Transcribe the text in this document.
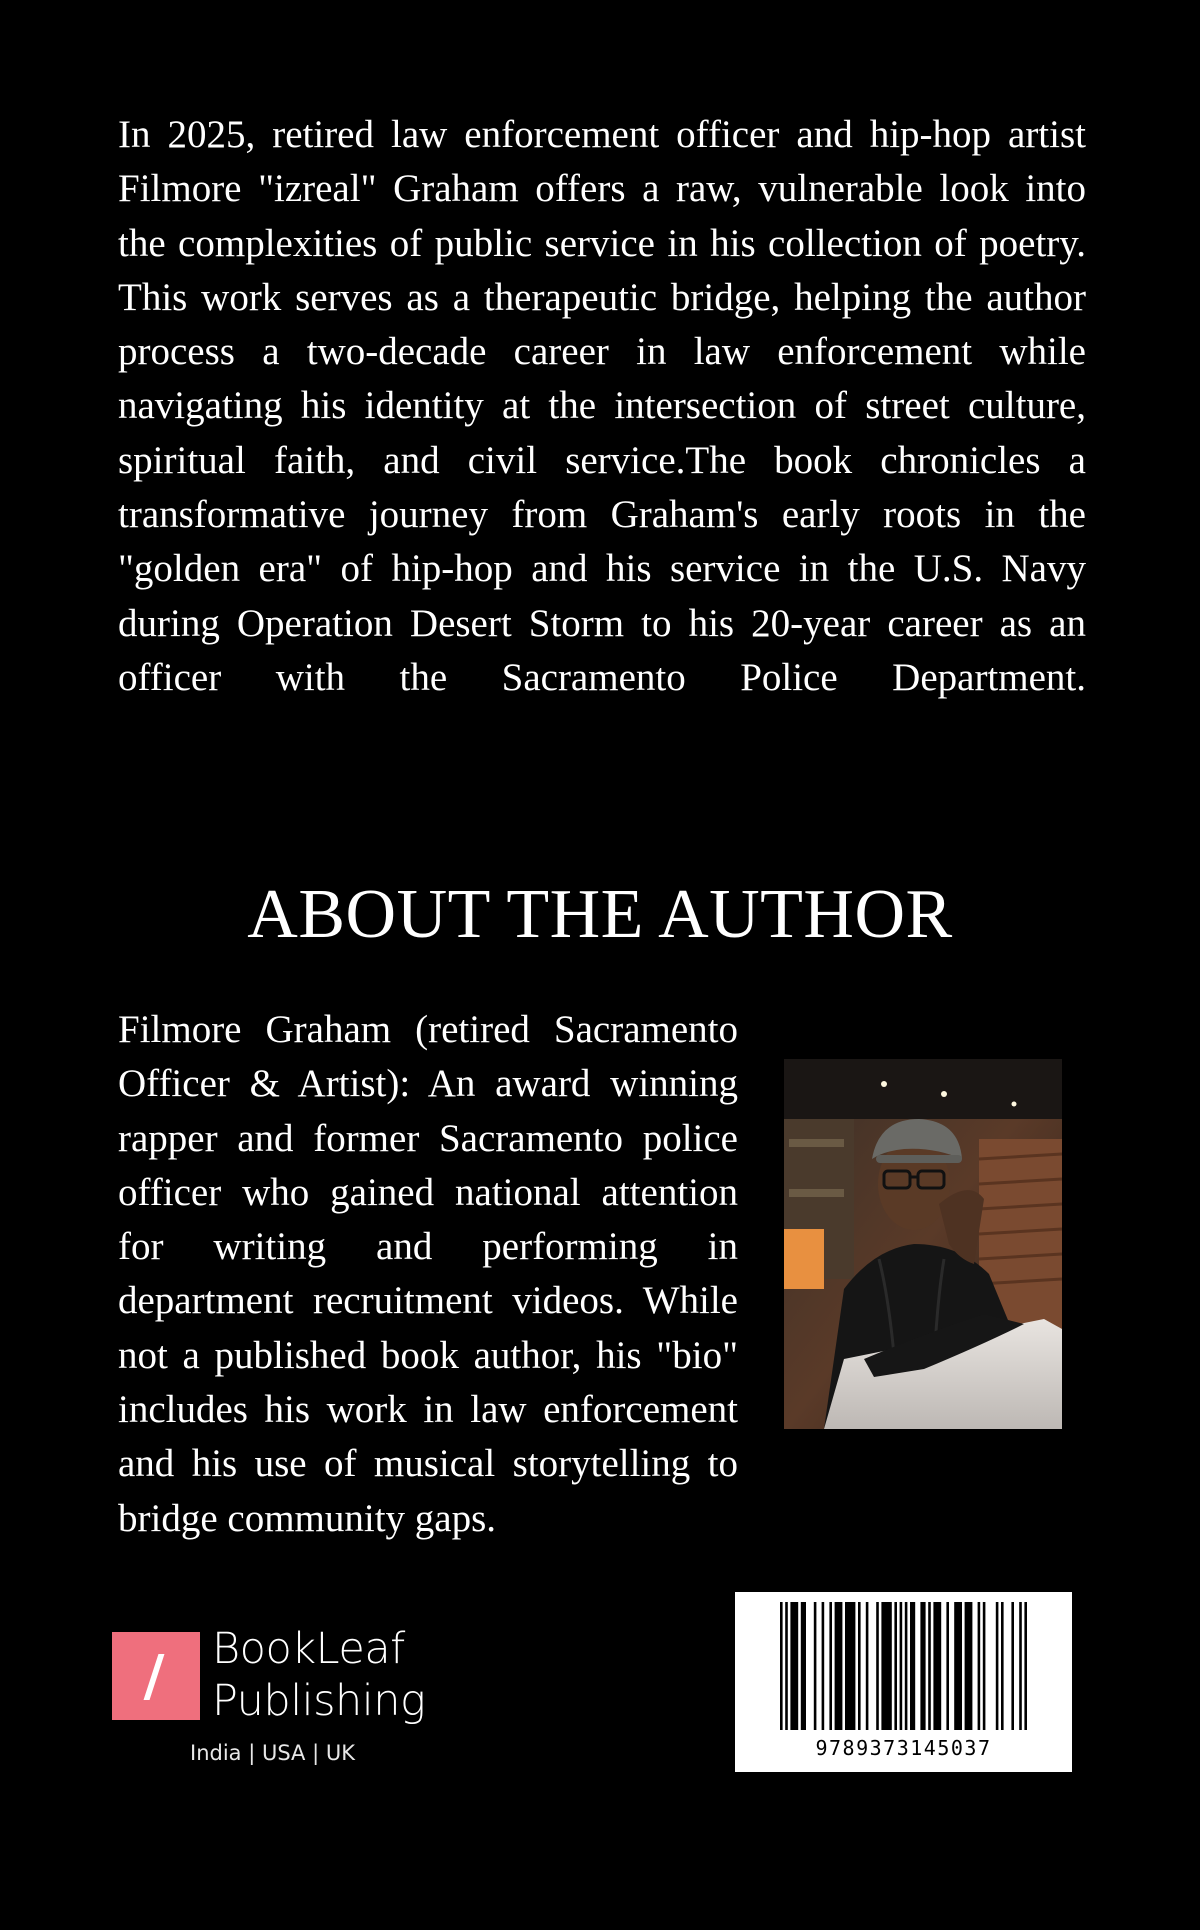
In 2025, retired law enforcement officer and hip-hop artist Filmore "izreal" Graham offers a raw, vulnerable look into the complexities of public service in his collection of poetry. This work serves as a therapeutic bridge, helping the author process a two-decade career in law enforcement while navigating his identity at the intersection of street culture, spiritual faith, and civil service.The book chronicles a transformative journey from Graham's early roots in the "golden era" of hip-hop and his service in the U.S. Navy during Operation Desert Storm to his 20-year career as an officer with the Sacramento Police Department.

ABOUT THE AUTHOR

Filmore Graham (retired Sacramento Officer & Artist): An award winning rapper and former Sacramento police officer who gained national attention for writing and performing in department recruitment videos. While not a published book author, his "bio" includes his work in law enforcement and his use of musical storytelling to bridge community gaps.

BookLeaf
Publishing
India | USA | UK	9789373145037
